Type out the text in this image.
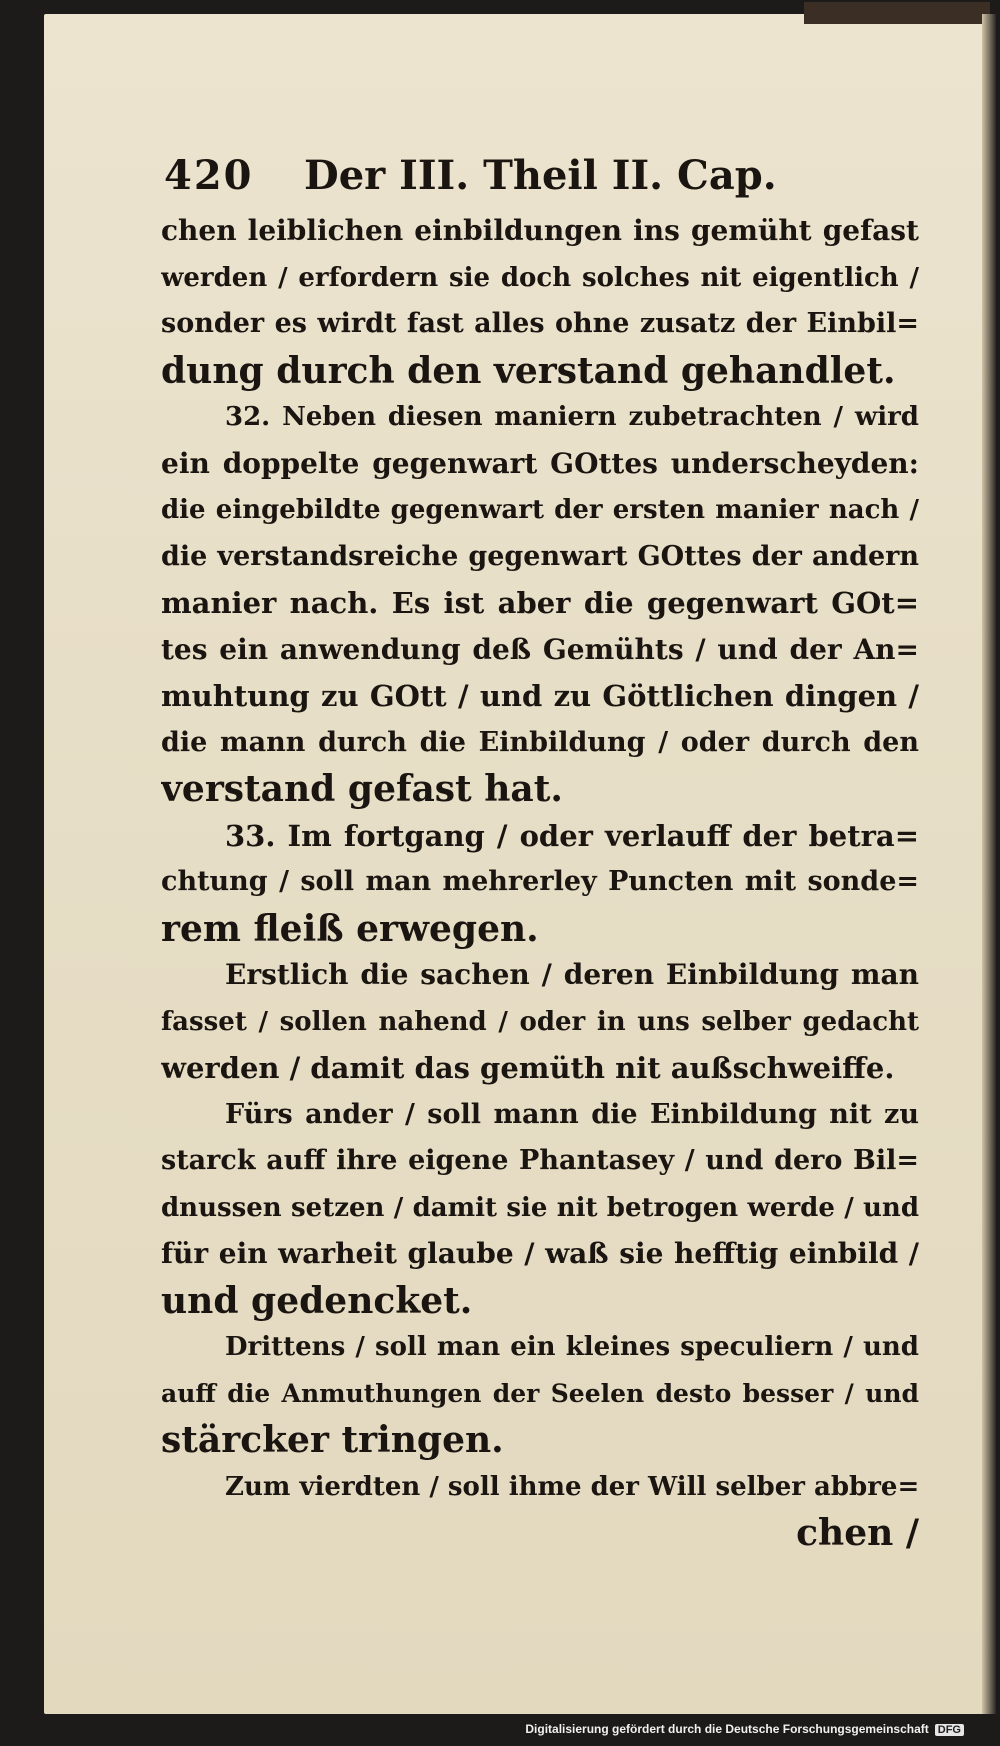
420 Der III. Theil II. Cap.
chen leiblichen einbildungen ins gemüht gefast
werden / erfordern sie doch solches nit eigentlich /
sonder es wirdt fast alles ohne zusatz der Einbil=
dung durch den verstand gehandlet.
32. Neben diesen maniern zubetrachten / wird
ein doppelte gegenwart GOttes underscheyden:
die eingebildte gegenwart der ersten manier nach /
die verstandsreiche gegenwart GOttes der andern
manier nach. Es ist aber die gegenwart GOt=
tes ein anwendung deß Gemühts / und der An=
muhtung zu GOtt / und zu Göttlichen dingen /
die mann durch die Einbildung / oder durch den
verstand gefast hat.
33. Im fortgang / oder verlauff der betra=
chtung / soll man mehrerley Puncten mit sonde=
rem fleiß erwegen.
Erstlich die sachen / deren Einbildung man
fasset / sollen nahend / oder in uns selber gedacht
werden / damit das gemüth nit außschweiffe.
Fürs ander / soll mann die Einbildung nit zu
starck auff ihre eigene Phantasey / und dero Bil=
dnussen setzen / damit sie nit betrogen werde / und
für ein warheit glaube / waß sie hefftig einbild /
und gedencket.
Drittens / soll man ein kleines speculiern / und
auff die Anmuthungen der Seelen desto besser / und
stärcker tringen.
Zum vierdten / soll ihme der Will selber abbre=
chen /
Digitalisierung gefördert durch die Deutsche Forschungsgemeinschaft DFG
